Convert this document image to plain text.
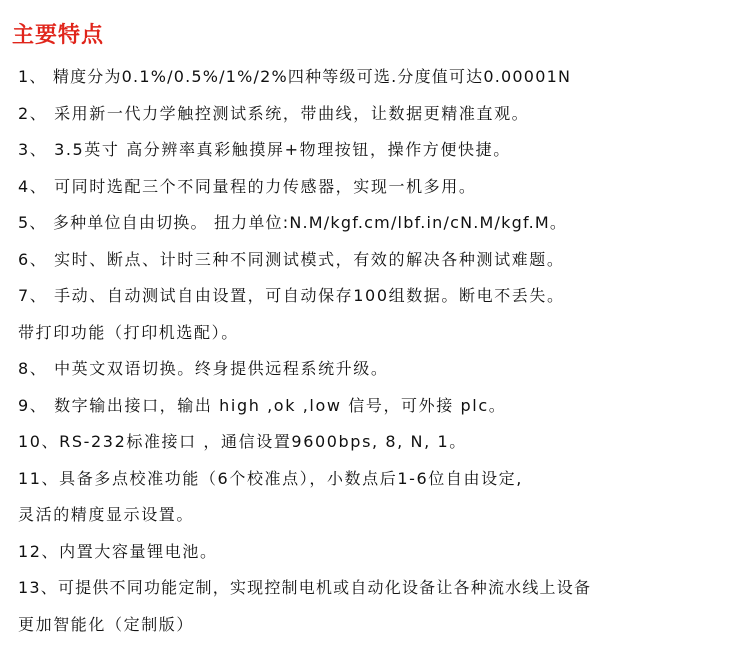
主要特点
1、 精度分为0.1%/0.5%/1%/2%四种等级可选.分度值可达0.00001N
2、 采用新一代力学触控测试系统，带曲线，让数据更精准直观。
3、 3.5英寸 高分辨率真彩触摸屏+物理按钮，操作方便快捷。
4、 可同时选配三个不同量程的力传感器，实现一机多用。
5、 多种单位自由切换。 扭力单位:N.M/kgf.cm/lbf.in/cN.M/kgf.M。
6、 实时、断点、计时三种不同测试模式，有效的解决各种测试难题。
7、 手动、自动测试自由设置，可自动保存100组数据。断电不丢失。
带打印功能（打印机选配）。
8、 中英文双语切换。终身提供远程系统升级。
9、 数字输出接口，输出 high ,ok ,low 信号，可外接 plc。
10、RS-232标准接口 ，通信设置9600bps, 8, N, 1。
11、具备多点校准功能（6个校准点），小数点后1-6位自由设定,
灵活的精度显示设置。
12、内置大容量锂电池。
13、可提供不同功能定制，实现控制电机或自动化设备让各种流水线上设备
更加智能化（定制版）
